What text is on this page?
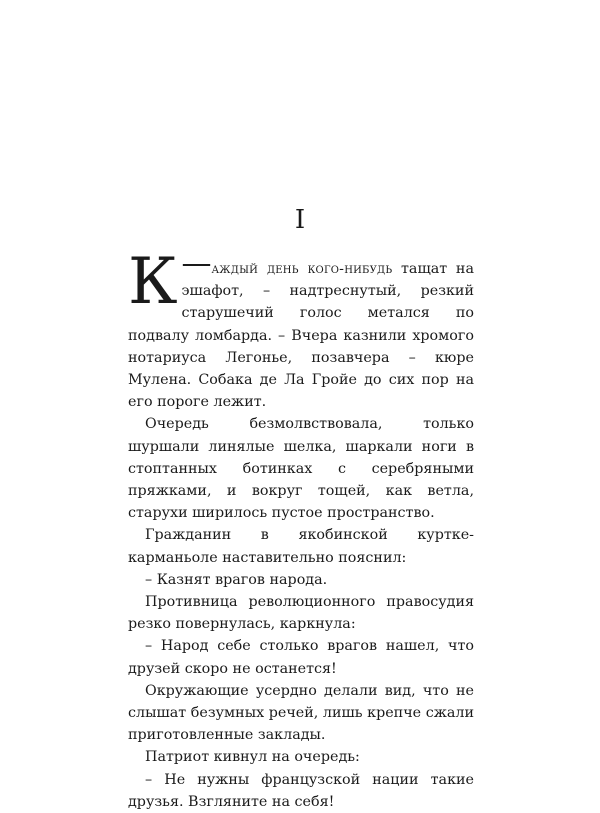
I

—
К аждый день кого-нибудь тащат на эшафот, – надтреснутый, резкий старушечий голос метался по подвалу ломбарда. – Вчера казнили хромого нотариуса Легонье, позавчера – кюре Мулена. Собака де Ла Гройе до сих пор на его пороге лежит.

Очередь безмолвствовала, только шуршали линялые шелка, шаркали ноги в стоптанных ботинках с серебряными пряжками, и вокруг тощей, как ветла, старухи ширилось пустое пространство.

Гражданин в якобинской куртке-карманьоле наставительно пояснил:

– Казнят врагов народа.

Противница революционного правосудия резко повернулась, каркнула:

– Народ себе столько врагов нашел, что друзей скоро не останется!

Окружающие усердно делали вид, что не слышат безумных речей, лишь крепче сжали приготовленные заклады.

Патриот кивнул на очередь:

– Не нужны французской нации такие друзья. Взгляните на себя!
